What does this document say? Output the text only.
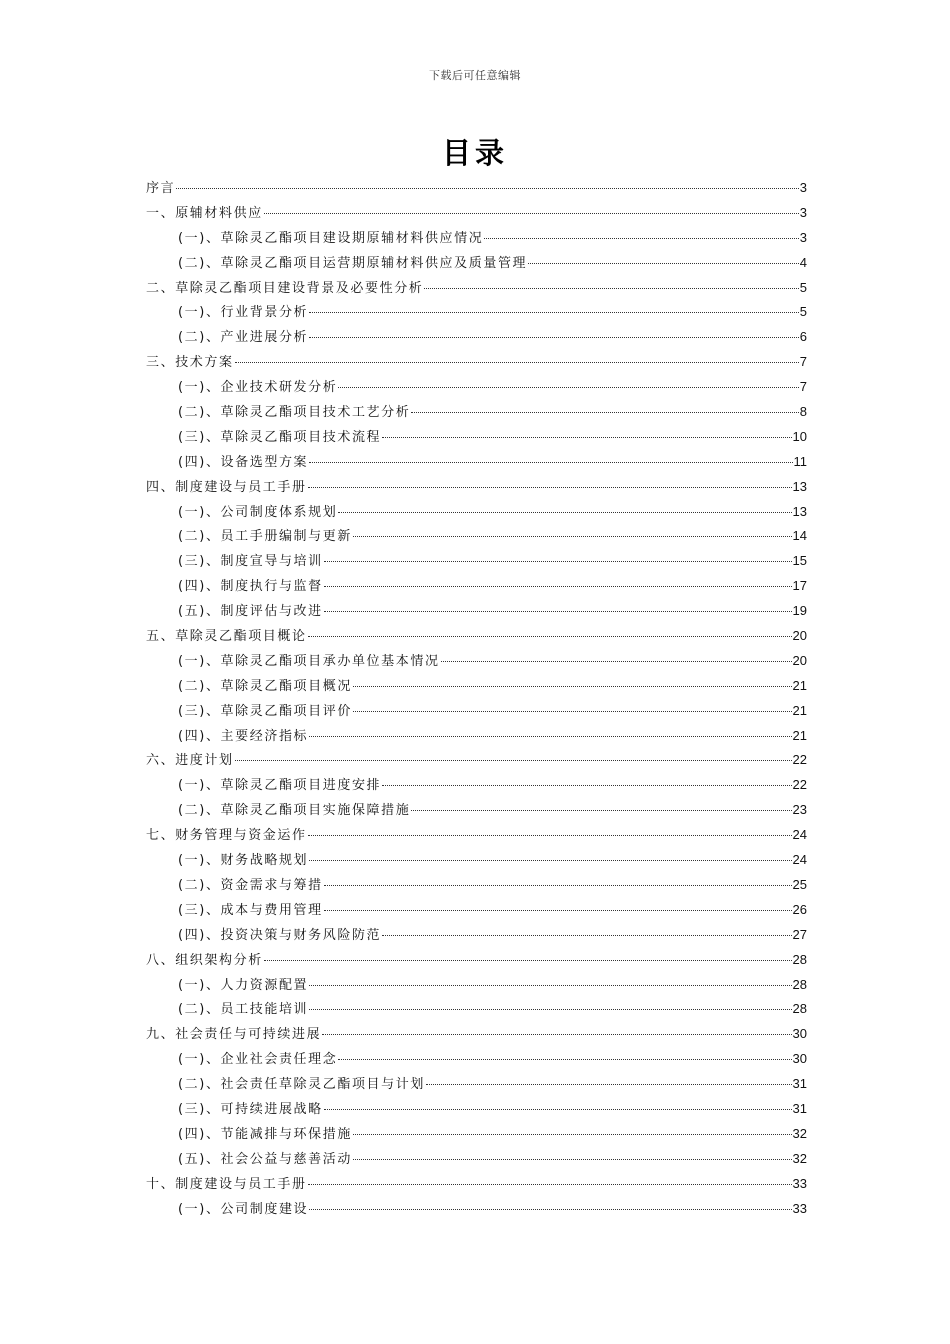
下载后可任意编辑
目录
序言	3
一、原辅材料供应	3
(一)、草除灵乙酯项目建设期原辅材料供应情况	3
(二)、草除灵乙酯项目运营期原辅材料供应及质量管理	4
二、草除灵乙酯项目建设背景及必要性分析	5
(一)、行业背景分析	5
(二)、产业进展分析	6
三、技术方案	7
(一)、企业技术研发分析	7
(二)、草除灵乙酯项目技术工艺分析	8
(三)、草除灵乙酯项目技术流程	10
(四)、设备选型方案	11
四、制度建设与员工手册	13
(一)、公司制度体系规划	13
(二)、员工手册编制与更新	14
(三)、制度宣导与培训	15
(四)、制度执行与监督	17
(五)、制度评估与改进	19
五、草除灵乙酯项目概论	20
(一)、草除灵乙酯项目承办单位基本情况	20
(二)、草除灵乙酯项目概况	21
(三)、草除灵乙酯项目评价	21
(四)、主要经济指标	21
六、进度计划	22
(一)、草除灵乙酯项目进度安排	22
(二)、草除灵乙酯项目实施保障措施	23
七、财务管理与资金运作	24
(一)、财务战略规划	24
(二)、资金需求与筹措	25
(三)、成本与费用管理	26
(四)、投资决策与财务风险防范	27
八、组织架构分析	28
(一)、人力资源配置	28
(二)、员工技能培训	28
九、社会责任与可持续进展	30
(一)、企业社会责任理念	30
(二)、社会责任草除灵乙酯项目与计划	31
(三)、可持续进展战略	31
(四)、节能减排与环保措施	32
(五)、社会公益与慈善活动	32
十、制度建设与员工手册	33
(一)、公司制度建设	33
